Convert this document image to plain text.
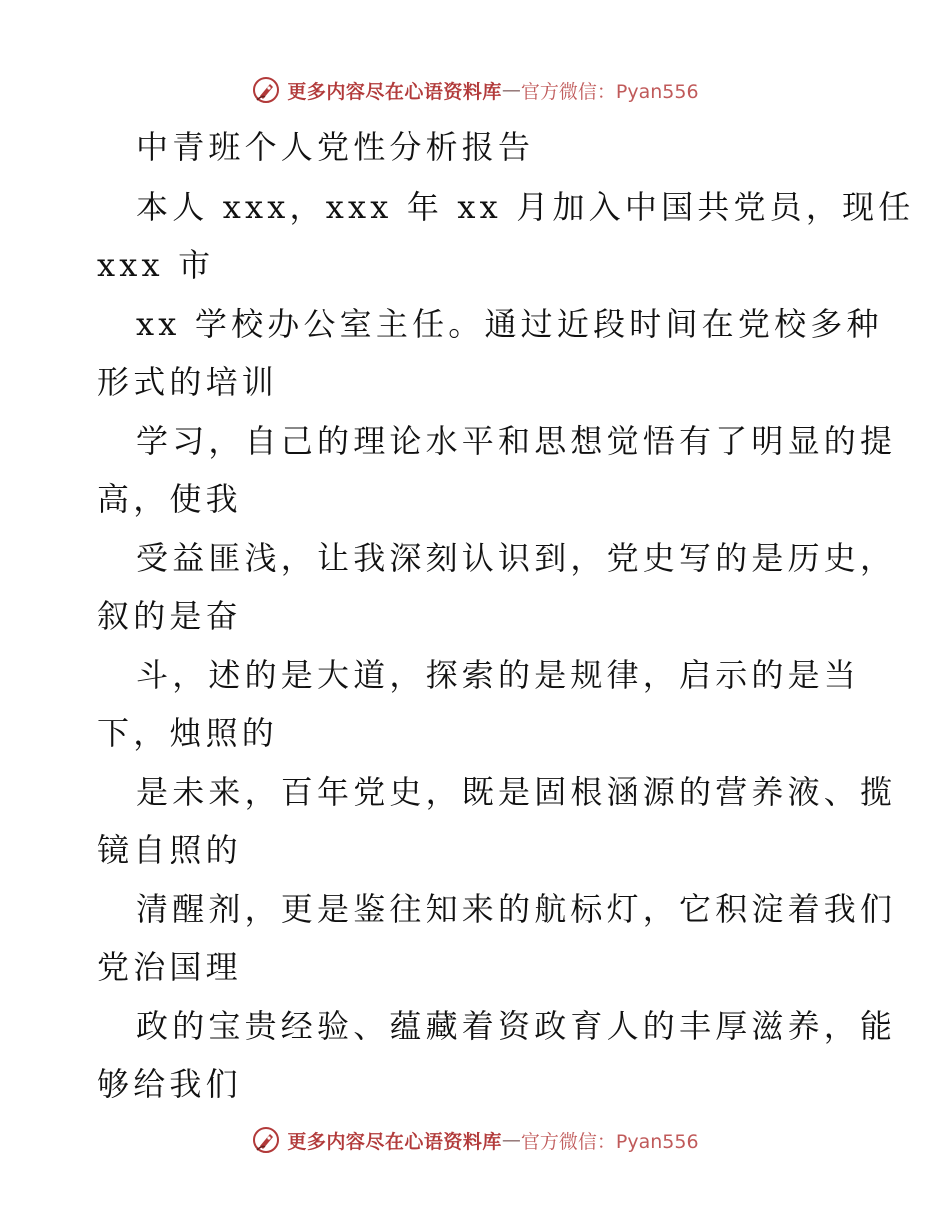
更多内容尽在心语资料库 — 官方微信：Pyan556
中青班个人党性分析报告
本人 xxx，xxx 年 xx 月加入中国共党员，现任
xxx 市
xx 学校办公室主任。通过近段时间在党校多种
形式的培训
学习，自己的理论水平和思想觉悟有了明显的提
高，使我
受益匪浅，让我深刻认识到，党史写的是历史，
叙的是奋
斗，述的是大道，探索的是规律，启示的是当
下，烛照的
是未来，百年党史，既是固根涵源的营养液、揽
镜自照的
清醒剂，更是鉴往知来的航标灯，它积淀着我们
党治国理
政的宝贵经验、蕴藏着资政育人的丰厚滋养，能
够给我们
更多内容尽在心语资料库 — 官方微信：Pyan556
